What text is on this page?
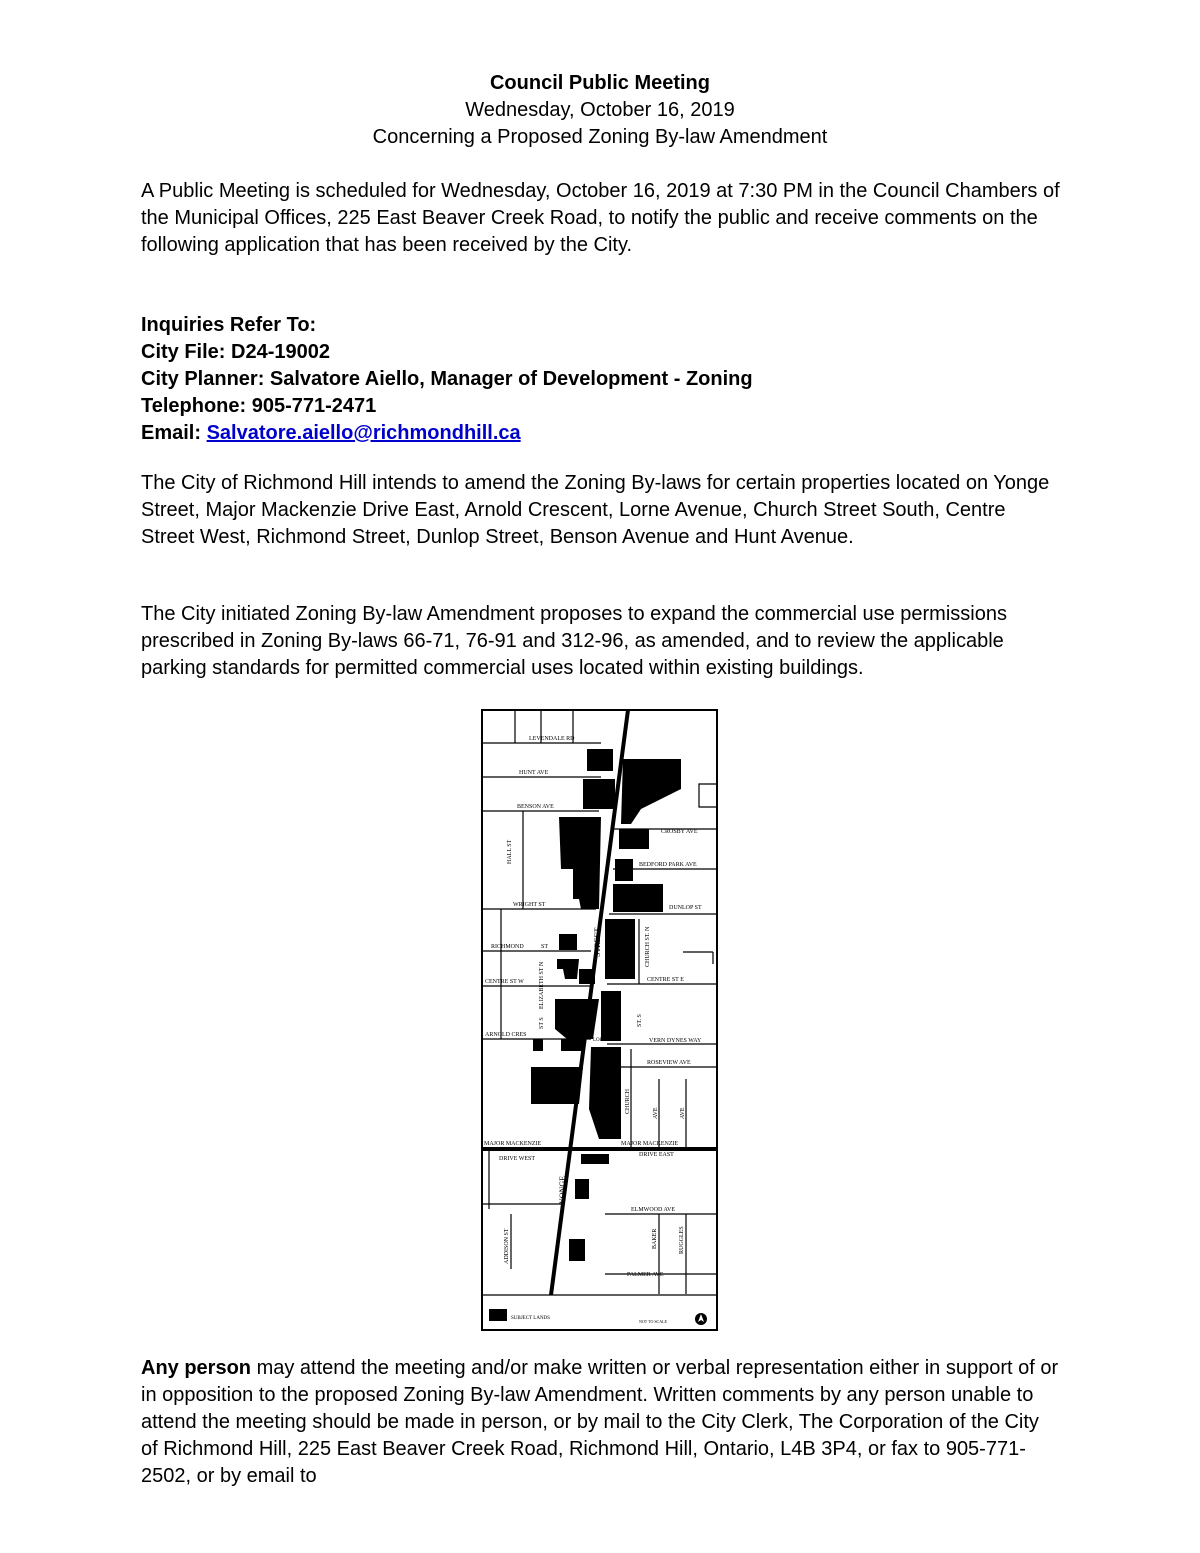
Council Public Meeting
Wednesday, October 16, 2019
Concerning a Proposed Zoning By-law Amendment

A Public Meeting is scheduled for Wednesday, October 16, 2019 at 7:30 PM in the Council Chambers of the Municipal Offices, 225 East Beaver Creek Road, to notify the public and receive comments on the following application that has been received by the City.

Inquiries Refer To:
City File: D24-19002
City Planner: Salvatore Aiello, Manager of Development - Zoning
Telephone: 905-771-2471
Email: Salvatore.aiello@richmondhill.ca

The City of Richmond Hill intends to amend the Zoning By-laws for certain properties located on Yonge Street, Major Mackenzie Drive East, Arnold Crescent, Lorne Avenue, Church Street South, Centre Street West, Richmond Street, Dunlop Street, Benson Avenue and Hunt Avenue.

The City initiated Zoning By-law Amendment proposes to expand the commercial use permissions prescribed in Zoning By-laws 66-71, 76-91 and 312-96, as amended, and to review the applicable parking standards for permitted commercial uses located within existing buildings.

LEVENDALE RD
HUNT AVE
BENSON AVE
CROSBY AVE
BEDFORD PARK AVE
HALL ST
WRIGHT ST	DUNLOP ST
RICHMOND	ST	STREET	CHURCH ST. N
CENTRE ST W	CENTRE ST E
ELIZABETH ST N
ST S	ST. S
ARNOLD CRES
LORNE AVE	VERN DYNES WAY
ROSEVIEW AVE
CHURCH	AVE	AVE
MAJOR MACKENZIE
DRIVE WEST
MAJOR MACKENZIE
DRIVE EAST
YONGE
ELMWOOD AVE
ADDISON ST	BAKER	RUGGLES
PALMER AVE
SUBJECT LANDS
NOT TO SCALE

Any person may attend the meeting and/or make written or verbal representation either in support of or in opposition to the proposed Zoning By-law Amendment. Written comments by any person unable to attend the meeting should be made in person, or by mail to the City Clerk, The Corporation of the City of Richmond Hill, 225 East Beaver Creek Road, Richmond Hill, Ontario, L4B 3P4, or fax to 905-771-2502, or by email to
